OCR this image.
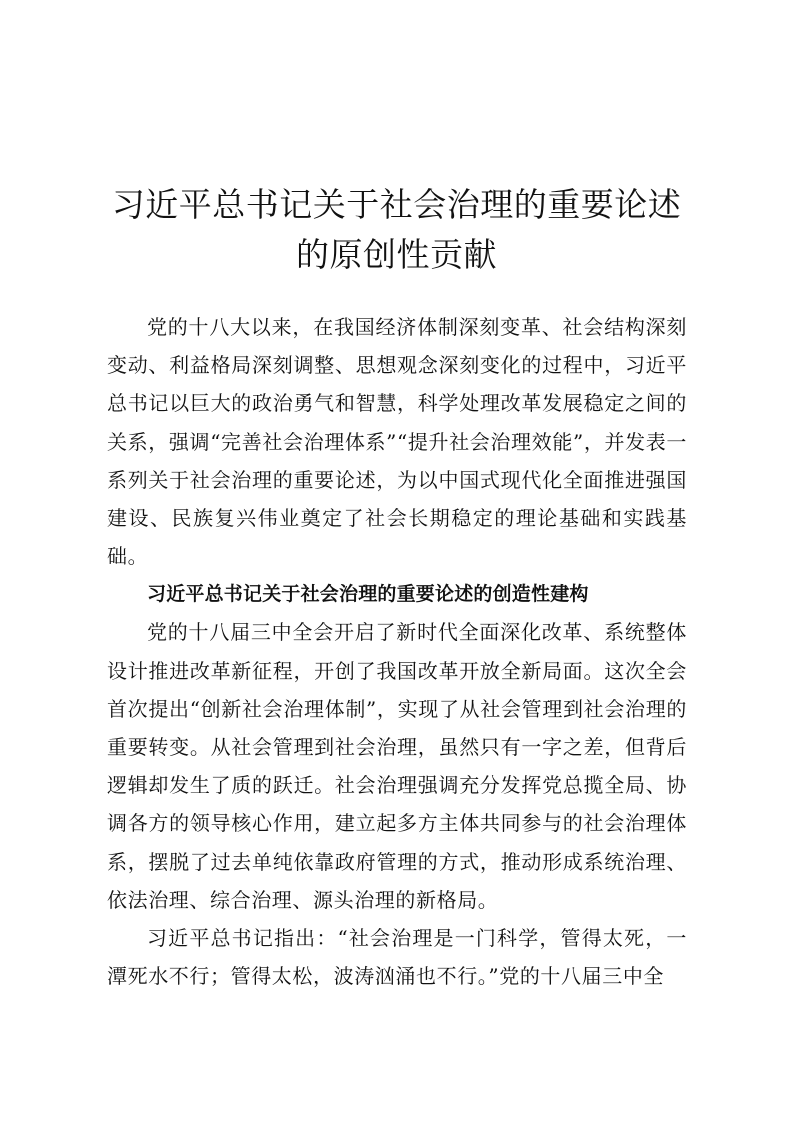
习近平总书记关于社会治理的重要论述的原创性贡献

党的十八大以来，在我国经济体制深刻变革、社会结构深刻变动、利益格局深刻调整、思想观念深刻变化的过程中，习近平总书记以巨大的政治勇气和智慧，科学处理改革发展稳定之间的关系，强调“完善社会治理体系”“提升社会治理效能”，并发表一系列关于社会治理的重要论述，为以中国式现代化全面推进强国建设、民族复兴伟业奠定了社会长期稳定的理论基础和实践基础。

习近平总书记关于社会治理的重要论述的创造性建构

党的十八届三中全会开启了新时代全面深化改革、系统整体设计推进改革新征程，开创了我国改革开放全新局面。这次全会首次提出“创新社会治理体制”，实现了从社会管理到社会治理的重要转变。从社会管理到社会治理，虽然只有一字之差，但背后逻辑却发生了质的跃迁。社会治理强调充分发挥党总揽全局、协调各方的领导核心作用，建立起多方主体共同参与的社会治理体系，摆脱了过去单纯依靠政府管理的方式，推动形成系统治理、依法治理、综合治理、源头治理的新格局。

习近平总书记指出：“社会治理是一门科学，管得太死，一潭死水不行；管得太松，波涛汹涌也不行。”党的十八届三中全
